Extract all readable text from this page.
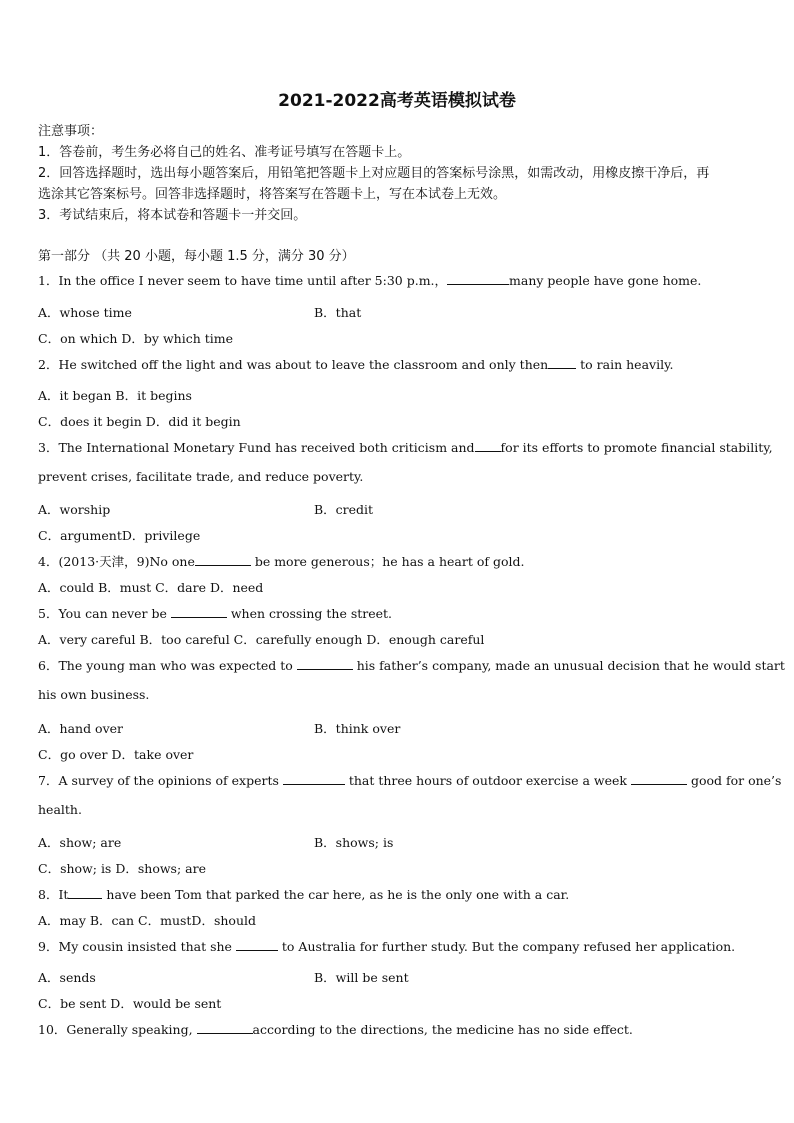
2021-2022高考英语模拟试卷
注意事项：
1．答卷前，考生务必将自己的姓名、准考证号填写在答题卡上。
2．回答选择题时，选出每小题答案后，用铅笔把答题卡上对应题目的答案标号涂黑，如需改动，用橡皮擦干净后，再
选涂其它答案标号。回答非选择题时，将答案写在答题卡上，写在本试卷上无效。
3．考试结束后，将本试卷和答题卡一并交回。
第一部分 （共 20 小题，每小题 1.5 分，满分 30 分）
1．In the office I never seem to have time until after 5:30 p.m.，	many people have gone home.
A．whose time	B．that
C．on which D．by which time
2．He switched off the light and was about to leave the classroom and only then to rain heavily.
A．it began B．it begins
C．does it begin D．did it begin
3．The International Monetary Fund has received both criticism and for its efforts to promote financial stability,
prevent crises, facilitate trade, and reduce poverty.
A．worship	B．credit
C．argumentD．privilege
4．(2013·天津，9)No one	be more generous；he has a heart of gold.
A．could B．must C．dare D．need
5．You can never be	when crossing the street.
A．very careful B．too careful C．carefully enough D．enough careful
6．The young man who was expected to	his father’s company, made an unusual decision that he would start
his own business.
A．hand over	B．think over
C．go over D．take over
7．A survey of the opinions of experts	that three hours of outdoor exercise a week	good for one’s
health.
A．show; are	B．shows; is
C．show; is D．shows; are
8．It	have been Tom that parked the car here, as he is the only one with a car.
A．may B．can C．mustD．should
9．My cousin insisted that she	to Australia for further study. But the company refused her application.
A．sends	B．will be sent
C．be sent D．would be sent
10．Generally speaking,	according to the directions, the medicine has no side effect.
